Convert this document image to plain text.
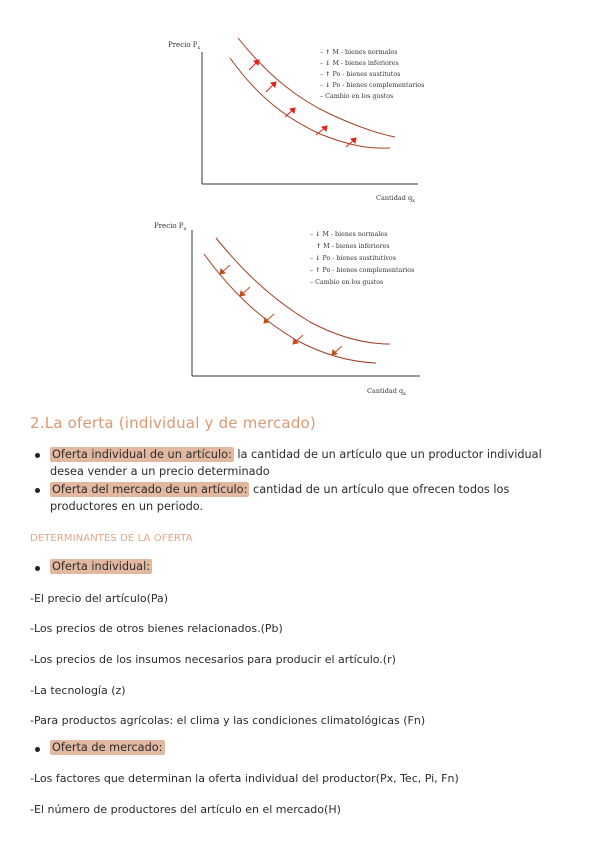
Precio $P_x$
Cantidad $q_x$
– ↑ M - bienes normales
– ↓ M - bienes inferiores
– ↑ Po - bienes sustitutos
– ↓ Po - bienes complementarios
– Cambio en los gustos
Precio $P_x$
Cantidad $q_x$
– ↓ M - bienes normales
↑ M - bienes inferiores
– ↓ Po - bienes sustitutivos
– ↑ Po - bienes complementarios
– Cambio en los gustos
2.La oferta (individual y de mercado)
Oferta individual de un artículo: la cantidad de un artículo que un productor individual desea vender a un precio determinado
Oferta del mercado de un artículo: cantidad de un artículo que ofrecen todos los productores en un periodo.
DETERMINANTES DE LA OFERTA
Oferta individual:
-El precio del artículo(Pa)
-Los precios de otros bienes relacionados.(Pb)
-Los precios de los insumos necesarios para producir el artículo.(r)
-La tecnología (z)
-Para productos agrícolas: el clima y las condiciones climatológicas (Fn)
Oferta de mercado:
-Los factores que determinan la oferta individual del productor(Px, Tec, Pi, Fn)
-El número de productores del artículo en el mercado(H)
